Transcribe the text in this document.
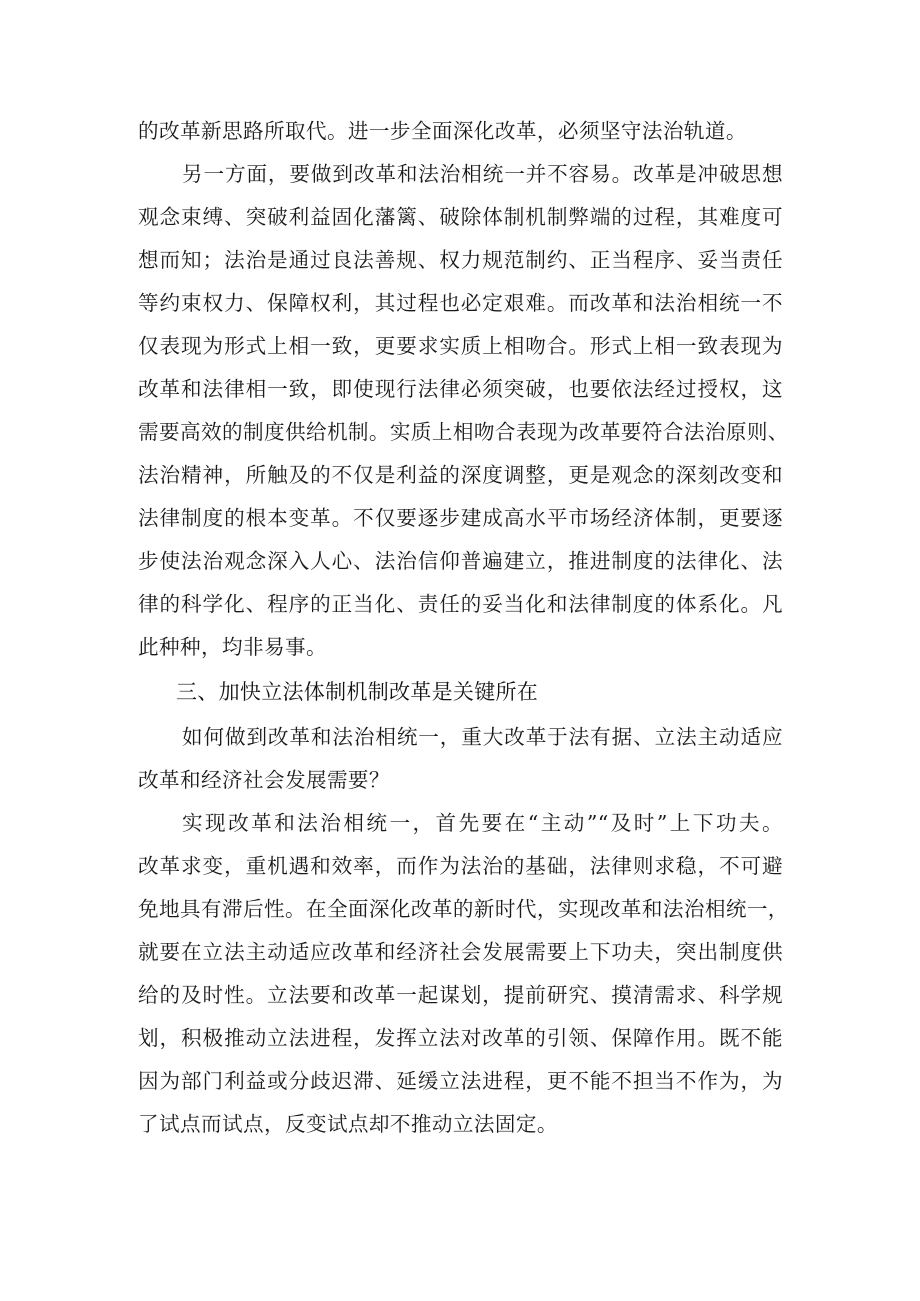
的改革新思路所取代。进一步全面深化改革，必须坚守法治轨道。
另一方面，要做到改革和法治相统一并不容易。改革是冲破思想
观念束缚、突破利益固化藩篱、破除体制机制弊端的过程，其难度可
想而知；法治是通过良法善规、权力规范制约、正当程序、妥当责任
等约束权力、保障权利，其过程也必定艰难。而改革和法治相统一不
仅表现为形式上相一致，更要求实质上相吻合。形式上相一致表现为
改革和法律相一致，即使现行法律必须突破，也要依法经过授权，这
需要高效的制度供给机制。实质上相吻合表现为改革要符合法治原则、
法治精神，所触及的不仅是利益的深度调整，更是观念的深刻改变和
法律制度的根本变革。不仅要逐步建成高水平市场经济体制，更要逐
步使法治观念深入人心、法治信仰普遍建立，推进制度的法律化、法
律的科学化、程序的正当化、责任的妥当化和法律制度的体系化。凡
此种种，均非易事。
三、加快立法体制机制改革是关键所在
如何做到改革和法治相统一，重大改革于法有据、立法主动适应
改革和经济社会发展需要？
实现改革和法治相统一，首先要在“主动”“及时”上下功夫。
改革求变，重机遇和效率，而作为法治的基础，法律则求稳，不可避
免地具有滞后性。在全面深化改革的新时代，实现改革和法治相统一，
就要在立法主动适应改革和经济社会发展需要上下功夫，突出制度供
给的及时性。立法要和改革一起谋划，提前研究、摸清需求、科学规
划，积极推动立法进程，发挥立法对改革的引领、保障作用。既不能
因为部门利益或分歧迟滞、延缓立法进程，更不能不担当不作为，为
了试点而试点，反变试点却不推动立法固定。
